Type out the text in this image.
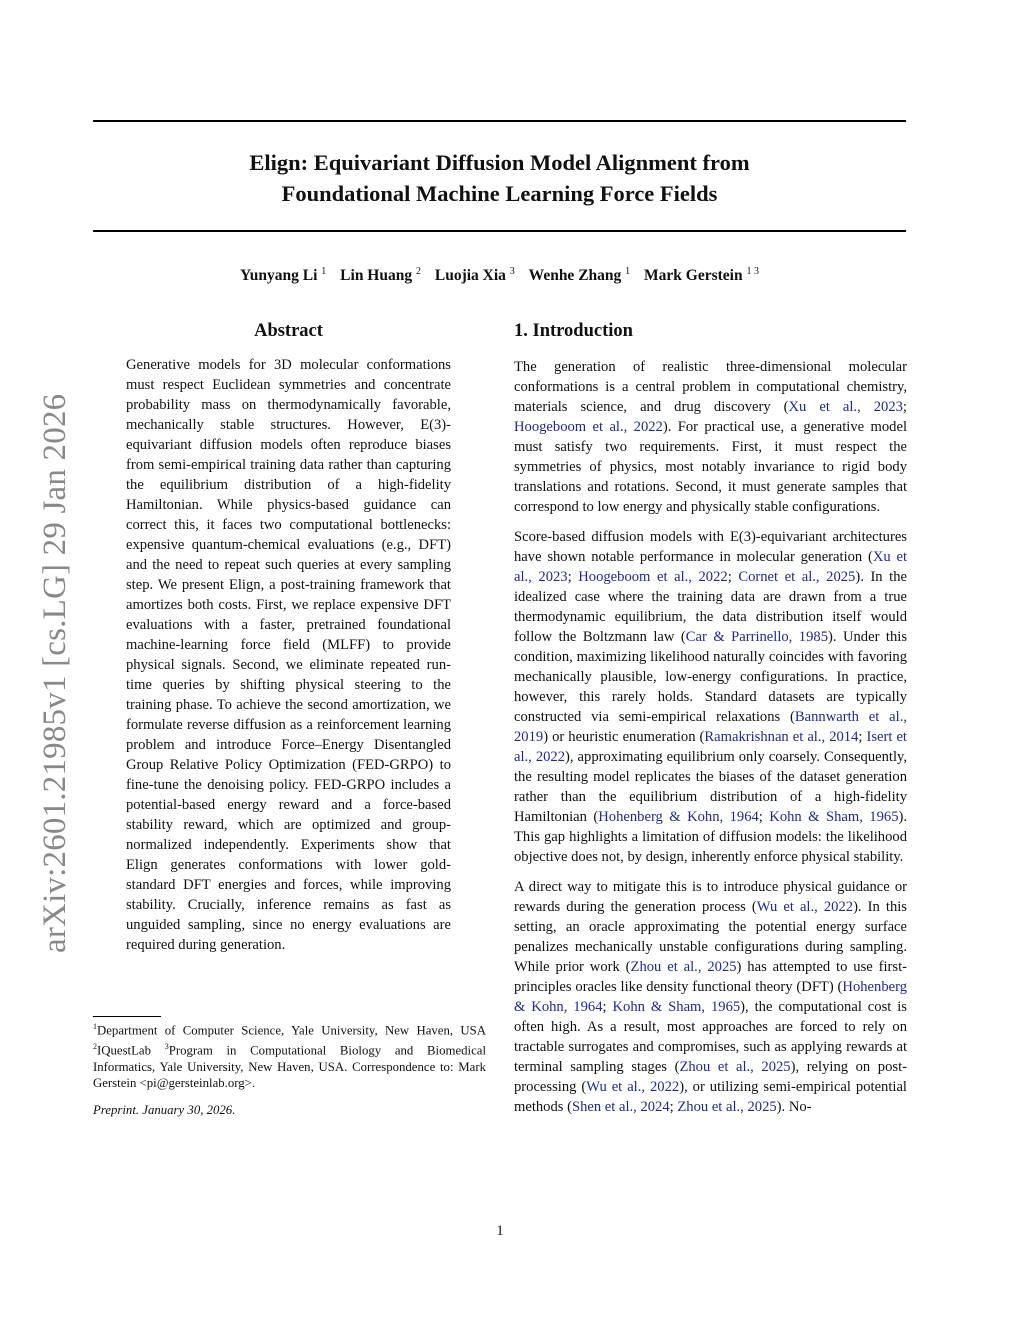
arXiv:2601.21985v1 [cs.LG] 29 Jan 2026
Elign: Equivariant Diffusion Model Alignment from
Foundational Machine Learning Force Fields
Yunyang Li $^1$ Lin Huang $^2$ Luojia Xia $^3$ Wenhe Zhang $^1$ Mark Gerstein $^{1 3}$
Abstract

Generative models for 3D molecular conformations must respect Euclidean symmetries and concentrate probability mass on thermodynamically favorable, mechanically stable structures. However, E(3)-equivariant diffusion models often reproduce biases from semi-empirical training data rather than capturing the equilibrium distribution of a high-fidelity Hamiltonian. While physics-based guidance can correct this, it faces two computational bottlenecks: expensive quantum-chemical evaluations (e.g., DFT) and the need to repeat such queries at every sampling step. We present Elign, a post-training framework that amortizes both costs. First, we replace expensive DFT evaluations with a faster, pretrained foundational machine-learning force field (MLFF) to provide physical signals. Second, we eliminate repeated run-time queries by shifting physical steering to the training phase. To achieve the second amortization, we formulate reverse diffusion as a reinforcement learning problem and introduce Force–Energy Disentangled Group Relative Policy Optimization (FED-GRPO) to fine-tune the denoising policy. FED-GRPO includes a potential-based energy reward and a force-based stability reward, which are optimized and group-normalized independently. Experiments show that Elign generates conformations with lower gold-standard DFT energies and forces, while improving stability. Crucially, inference remains as fast as unguided sampling, since no energy evaluations are required during generation.

1. Introduction

The generation of realistic three-dimensional molecular conformations is a central problem in computational chemistry, materials science, and drug discovery (Xu et al., 2023; Hoogeboom et al., 2022). For practical use, a generative model must satisfy two requirements. First, it must respect the symmetries of physics, most notably invariance to rigid body translations and rotations. Second, it must generate samples that correspond to low energy and physically stable configurations.

Score-based diffusion models with E(3)-equivariant architectures have shown notable performance in molecular generation (Xu et al., 2023; Hoogeboom et al., 2022; Cornet et al., 2025). In the idealized case where the training data are drawn from a true thermodynamic equilibrium, the data distribution itself would follow the Boltzmann law (Car & Parrinello, 1985). Under this condition, maximizing likelihood naturally coincides with favoring mechanically plausible, low-energy configurations. In practice, however, this rarely holds. Standard datasets are typically constructed via semi-empirical relaxations (Bannwarth et al., 2019) or heuristic enumeration (Ramakrishnan et al., 2014; Isert et al., 2022), approximating equilibrium only coarsely. Consequently, the resulting model replicates the biases of the dataset generation rather than the equilibrium distribution of a high-fidelity Hamiltonian (Hohenberg & Kohn, 1964; Kohn & Sham, 1965). This gap highlights a limitation of diffusion models: the likelihood objective does not, by design, inherently enforce physical stability.

A direct way to mitigate this is to introduce physical guidance or rewards during the generation process (Wu et al., 2022). In this setting, an oracle approximating the potential energy surface penalizes mechanically unstable configurations during sampling. While prior work (Zhou et al., 2025) has attempted to use first-principles oracles like density functional theory (DFT) (Hohenberg & Kohn, 1964; Kohn & Sham, 1965), the computational cost is often high. As a result, most approaches are forced to rely on tractable surrogates and compromises, such as applying rewards at terminal sampling stages (Zhou et al., 2025), relying on post-processing (Wu et al., 2022), or utilizing semi-empirical potential methods (Shen et al., 2024; Zhou et al., 2025). No-

$^1$Department of Computer Science, Yale University, New Haven, USA $^2$IQuestLab $^3$Program in Computational Biology and Biomedical Informatics, Yale University, New Haven, USA. Correspondence to: Mark Gerstein <pi@gersteinlab.org>.

Preprint. January 30, 2026.

1
